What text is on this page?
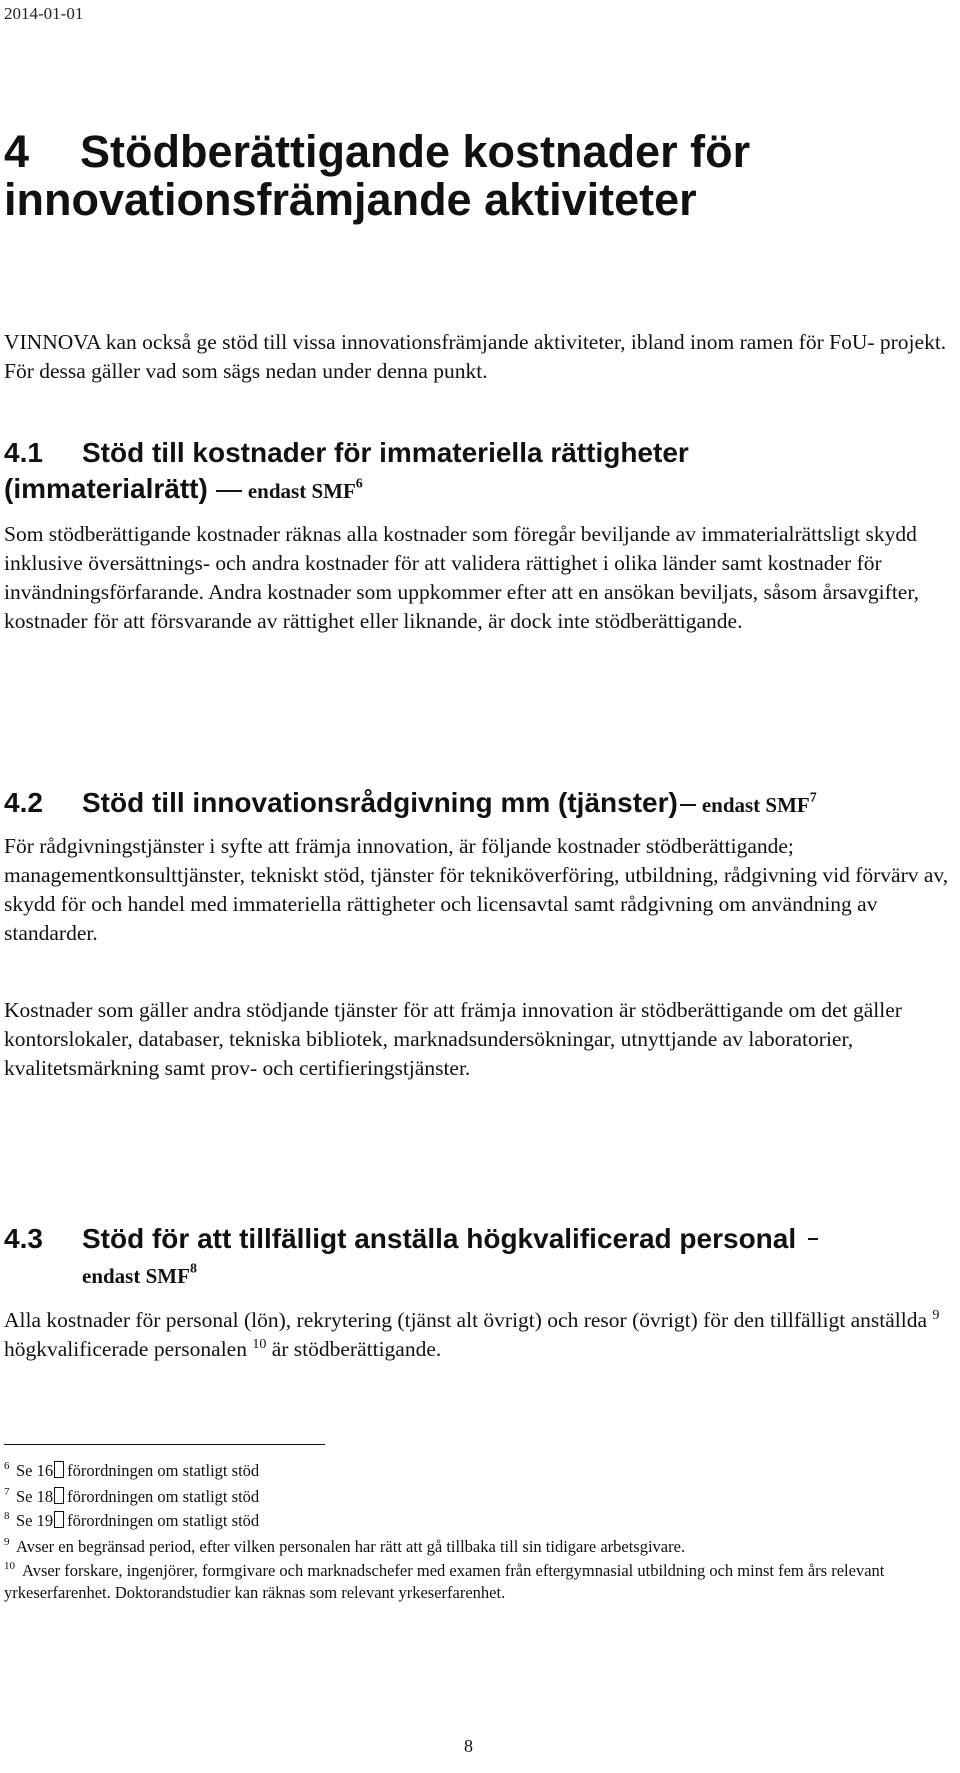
2014-01-01
4 Stödberättigande kostnader för
innovationsfrämjande aktiviteter
VINNOVA kan också ge stöd till vissa innovationsfrämjande aktiviteter, ibland inom ramen för FoU- projekt. För dessa gäller vad som sägs nedan under denna punkt.
4.1 Stöd till kostnader för immateriella rättigheter
(immaterialrätt) endast SMF$^6$
Som stödberättigande kostnader räknas alla kostnader som föregår beviljande av immaterialrättsligt skydd inklusive översättnings- och andra kostnader för att validera rättighet i olika länder samt kostnader för invändningsförfarande. Andra kostnader som uppkommer efter att en ansökan beviljats, såsom årsavgifter, kostnader för att försvarande av rättighet eller liknande, är dock inte stödberättigande.
4.2 Stöd till innovationsrådgivning mm (tjänster) endast SMF$^7$
För rådgivningstjänster i syfte att främja innovation, är följande kostnader stödberättigande; managementkonsulttjänster, tekniskt stöd, tjänster för tekniköverföring, utbildning, rådgivning vid förvärv av, skydd för och handel med immateriella rättigheter och licensavtal samt rådgivning om användning av standarder.
Kostnader som gäller andra stödjande tjänster för att främja innovation är stödberättigande om det gäller kontorslokaler, databaser, tekniska bibliotek, marknadsundersökningar, utnyttjande av laboratorier, kvalitetsmärkning samt prov- och certifieringstjänster.
4.3 Stöd för att tillfälligt anställa högkvalificerad personal
endast SMF$^8$
Alla kostnader för personal (lön), rekrytering (tjänst alt övrigt) och resor (övrigt) för den tillfälligt anställda $^9$ högkvalificerade personalen $^{10}$ är stödberättigande.
6 Se 16 förordningen om statligt stöd
7 Se 18 förordningen om statligt stöd
8 Se 19 förordningen om statligt stöd
9 Avser en begränsad period, efter vilken personalen har rätt att gå tillbaka till sin tidigare arbetsgivare.
10 Avser forskare, ingenjörer, formgivare och marknadschefer med examen från eftergymnasial utbildning och minst fem års relevant yrkeserfarenhet. Doktorandstudier kan räknas som relevant yrkeserfarenhet.
8
